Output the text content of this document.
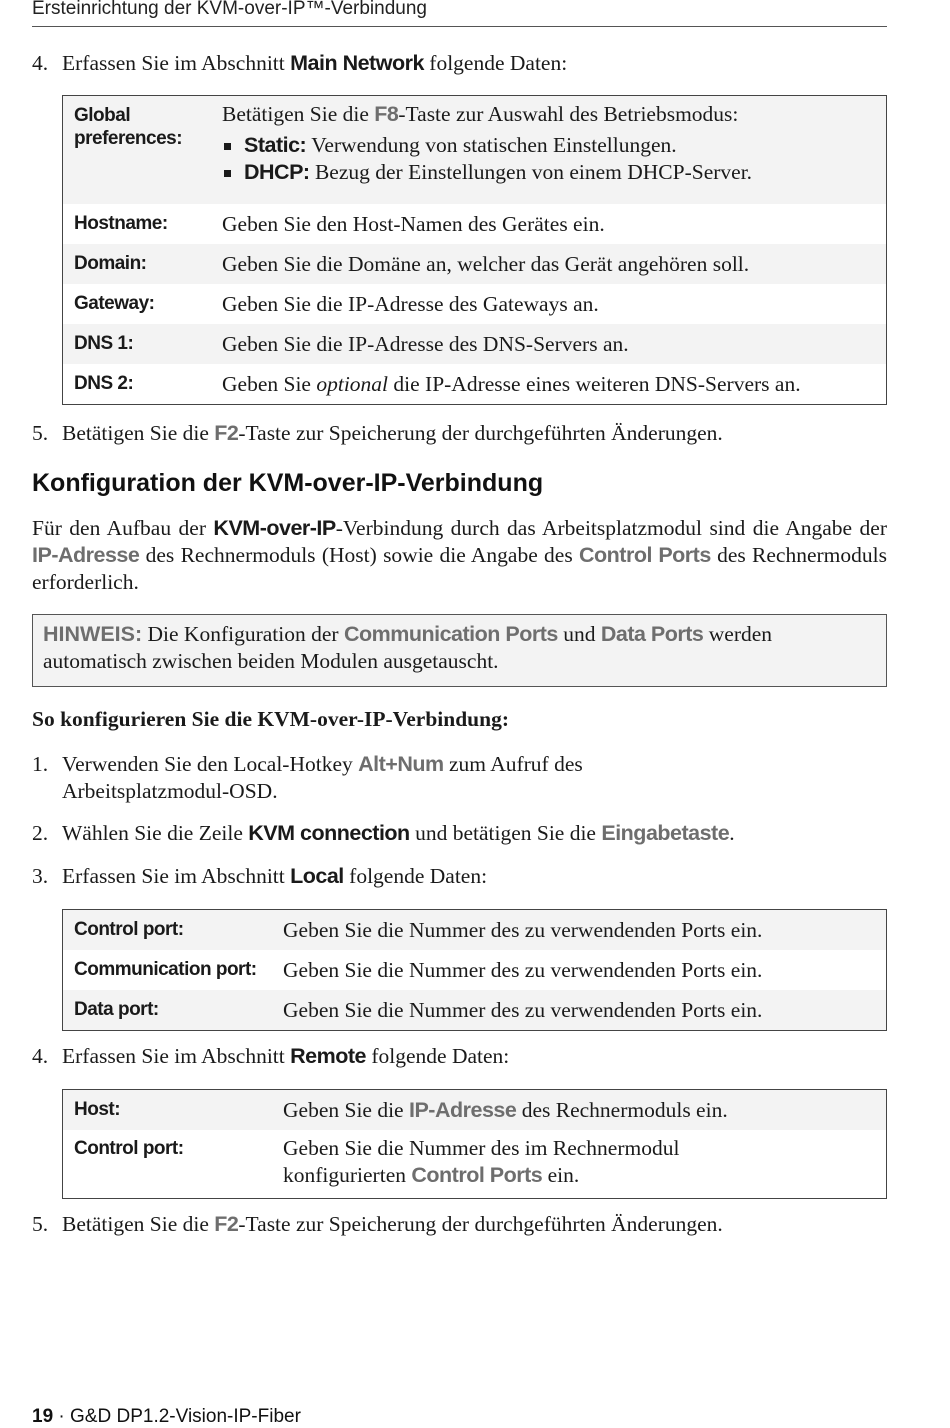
Ersteinrichtung der KVM-over-IP™-Verbindung
4. Erfassen Sie im Abschnitt Main Network folgende Daten:
Global preferences:
Betätigen Sie die F8-Taste zur Auswahl des Betriebsmodus:
Static: Verwendung von statischen Einstellungen.
DHCP: Bezug der Einstellungen von einem DHCP-Server.
Hostname:	Geben Sie den Host-Namen des Gerätes ein.
Domain:	Geben Sie die Domäne an, welcher das Gerät angehören soll.
Gateway:	Geben Sie die IP-Adresse des Gateways an.
DNS 1:	Geben Sie die IP-Adresse des DNS-Servers an.
DNS 2:	Geben Sie optional die IP-Adresse eines weiteren DNS-Servers an.
5. Betätigen Sie die F2-Taste zur Speicherung der durchgeführten Änderungen.
Konfiguration der KVM-over-IP-Verbindung
Für den Aufbau der KVM-over-IP-Verbindung durch das Arbeitsplatzmodul sind die Angabe der IP-Adresse des Rechnermoduls (Host) sowie die Angabe des Control Ports des Rechnermoduls erforderlich.
HINWEIS: Die Konfiguration der Communication Ports und Data Ports werden automatisch zwischen beiden Modulen ausgetauscht.
So konfigurieren Sie die KVM-over-IP-Verbindung:
1. Verwenden Sie den Local-Hotkey Alt+Num zum Aufruf des
Arbeitsplatzmodul-OSD.
2. Wählen Sie die Zeile KVM connection und betätigen Sie die Eingabetaste.
3. Erfassen Sie im Abschnitt Local folgende Daten:
Control port:	Geben Sie die Nummer des zu verwendenden Ports ein.
Communication port:	Geben Sie die Nummer des zu verwendenden Ports ein.
Data port:	Geben Sie die Nummer des zu verwendenden Ports ein.
4. Erfassen Sie im Abschnitt Remote folgende Daten:
Host:	Geben Sie die IP-Adresse des Rechnermoduls ein.
Control port:	Geben Sie die Nummer des im Rechnermodul
konfigurierten Control Ports ein.
5. Betätigen Sie die F2-Taste zur Speicherung der durchgeführten Änderungen.
19 · G&D DP1.2-Vision-IP-Fiber
